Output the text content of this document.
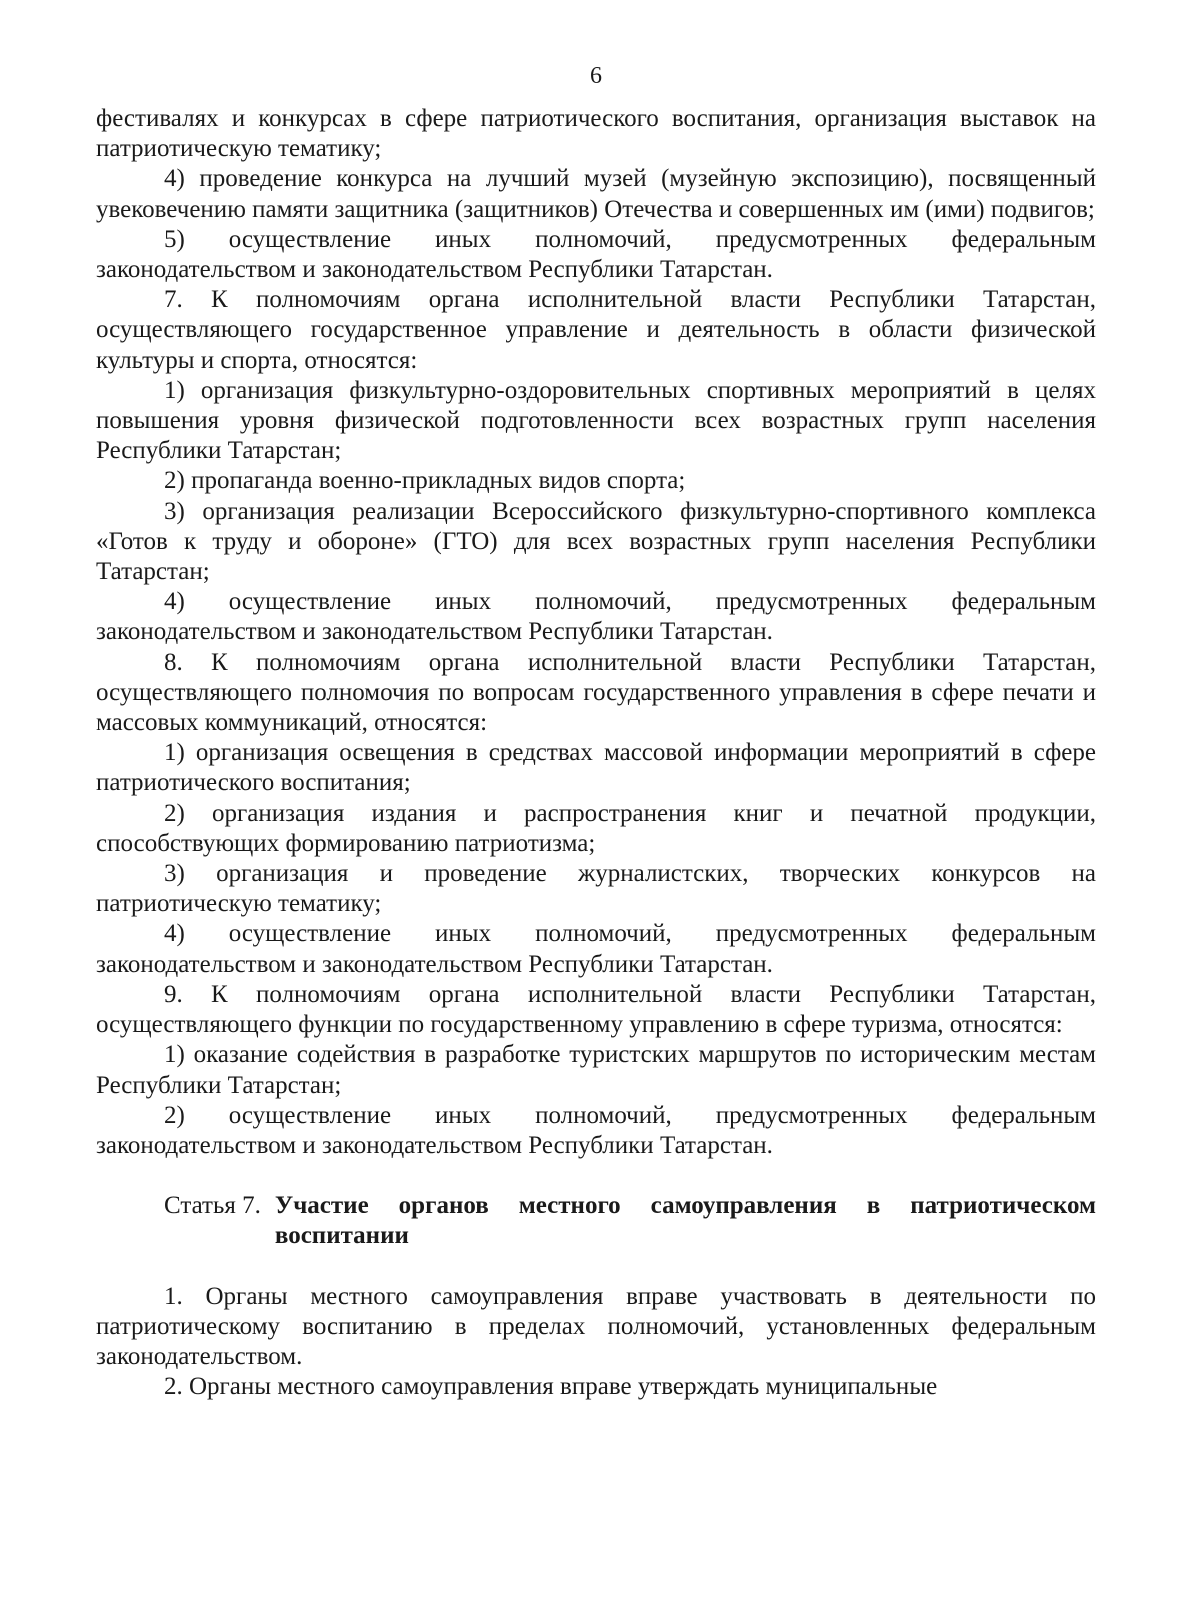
6

фестивалях и конкурсах в сфере патриотического воспитания, организация выставок на патриотическую тематику;

4) проведение конкурса на лучший музей (музейную экспозицию), посвященный увековечению памяти защитника (защитников) Отечества и совершенных им (ими) подвигов;

5) осуществление иных полномочий, предусмотренных федеральным законодательством и законодательством Республики Татарстан.

7. К полномочиям органа исполнительной власти Республики Татарстан, осуществляющего государственное управление и деятельность в области физической культуры и спорта, относятся:

1) организация физкультурно-оздоровительных спортивных мероприятий в целях повышения уровня физической подготовленности всех возрастных групп населения Республики Татарстан;

2) пропаганда военно-прикладных видов спорта;

3) организация реализации Всероссийского физкультурно-спортивного комплекса «Готов к труду и обороне» (ГТО) для всех возрастных групп населения Республики Татарстан;

4) осуществление иных полномочий, предусмотренных федеральным законодательством и законодательством Республики Татарстан.

8. К полномочиям органа исполнительной власти Республики Татарстан, осуществляющего полномочия по вопросам государственного управления в сфере печати и массовых коммуникаций, относятся:

1) организация освещения в средствах массовой информации мероприятий в сфере патриотического воспитания;

2) организация издания и распространения книг и печатной продукции, способствующих формированию патриотизма;

3) организация и проведение журналистских, творческих конкурсов на патриотическую тематику;

4) осуществление иных полномочий, предусмотренных федеральным законодательством и законодательством Республики Татарстан.

9. К полномочиям органа исполнительной власти Республики Татарстан, осуществляющего функции по государственному управлению в сфере туризма, относятся:

1) оказание содействия в разработке туристских маршрутов по историческим местам Республики Татарстан;

2) осуществление иных полномочий, предусмотренных федеральным законодательством и законодательством Республики Татарстан.

Статья 7. Участие органов местного самоуправления в патриотическом воспитании

1. Органы местного самоуправления вправе участвовать в деятельности по патриотическому воспитанию в пределах полномочий, установленных федеральным законодательством.

2. Органы местного самоуправления вправе утверждать муниципальные
